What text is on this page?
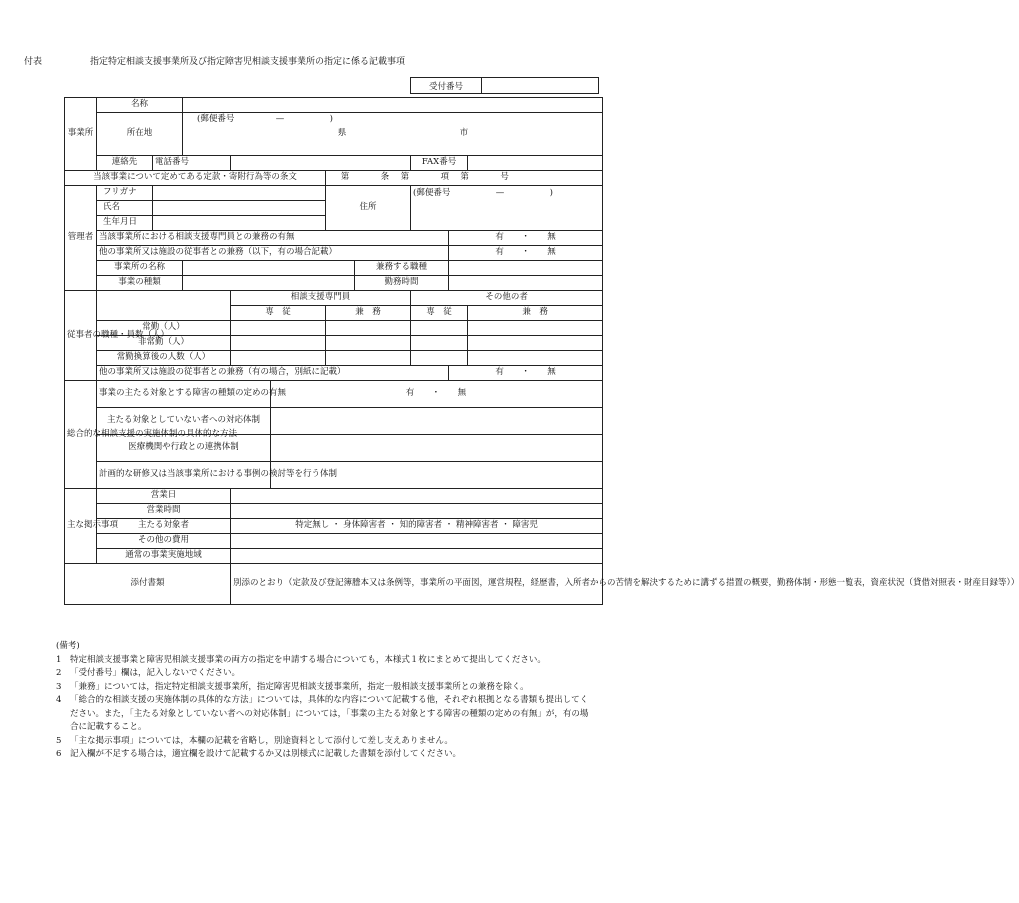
付表	指定特定相談支援事業所及び指定障害児相談支援事業所の指定に係る記載事項
受付番号	
事業所	名称									
	所在地		(郵便番号 — )							
			県 市							

	連絡先	電話番号						FAX番号		
当該事業について定めてある定款・寄附行為等の条文						第 条 第 項 第 号				
管理者	フリガナ					住所		(郵便番号 — )		
	氏名									
	生年月日									
	当該事業所における相談支援専門員との兼務の有無								有 ・ 無	
	他の事業所又は施設の従事者との兼務（以下，有の場合記載）								有 ・ 無	
	事業所の名称						兼務する職種			
	事業の種類						勤務時間			
従事者の職種・員数（人）				相談支援専門員				その他の者		
				専　従		兼　務		専　従		兼　務
	常勤（人）									
	非常勤（人）									
	常勤換算後の人数（人）									
	他の事業所又は施設の従事者との兼務（有の場合，別紙に記載）								有 ・ 無	
総合的な相談支援の実施体制の具体的な方法	事業の主たる対象とする障害の種類の定めの有無				有 ・ 無					
	主たる対象としていない者への対応体制									
	医療機関や行政との連携体制									
	計画的な研修又は当該事業所における事例の検討等を行う体制									
主な掲示事項	営業日									
	営業時間									
	主たる対象者			特定無し ・ 身体障害者 ・ 知的障害者 ・ 精神障害者 ・ 障害児						
	その他の費用									
	通常の事業実施地域									
添付書類				別添のとおり（定款及び登記簿謄本又は条例等，事業所の平面図，運営規程，経歴書，入所者からの苦情を解決するために講ずる措置の概要，勤務体制・形態一覧表，資産状況（貸借対照表・財産目録等））						

(備考)

1 特定相談支援事業と障害児相談支援事業の両方の指定を申請する場合についても，本様式１枚にまとめて提出してください。

2 「受付番号」欄は，記入しないでください。

3 「兼務」については，指定特定相談支援事業所，指定障害児相談支援事業所，指定一般相談支援事業所との兼務を除く。

4 「総合的な相談支援の実施体制の具体的な方法」については，具体的な内容について記載する他，それぞれ根拠となる書類も提出してください。また，「主たる対象としていない者への対応体制」については，「事業の主たる対象とする障害の種類の定めの有無」が，有の場合に記載すること。

5 「主な掲示事項」については，本欄の記載を省略し，別途資料として添付して差し支えありません。

6 記入欄が不足する場合は，適宜欄を設けて記載するか又は別様式に記載した書類を添付してください。
